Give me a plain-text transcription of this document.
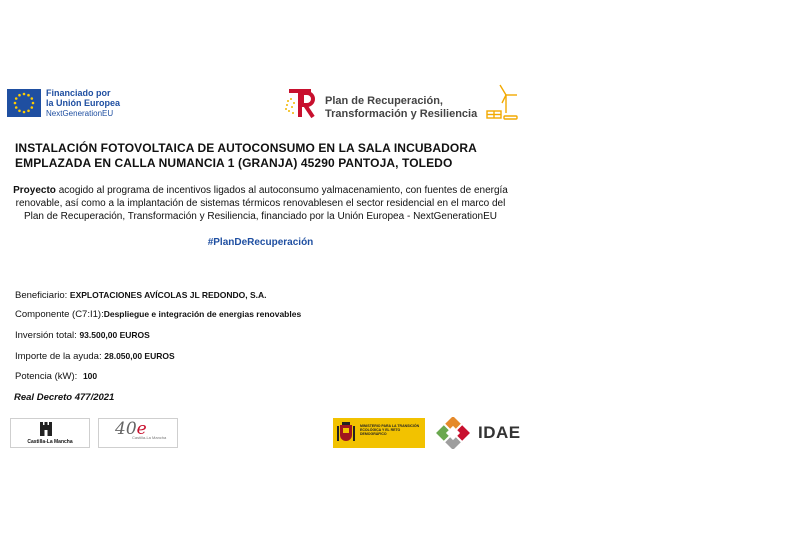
Financiado por
la Unión Europea
NextGenerationEU
Plan de Recuperación,
Transformación y Resiliencia
INSTALACIÓN FOTOVOLTAICA DE AUTOCONSUMO EN LA SALA INCUBADORA
EMPLAZADA EN CALLA NUMANCIA 1 (GRANJA) 45290 PANTOJA, TOLEDO
Proyecto acogido al programa de incentivos ligados al autoconsumo yalmacenamiento, con fuentes de energía
renovable, así como a la implantación de sistemas térmicos renovablesen el sector residencial en el marco del
Plan de Recuperación, Transformación y Resiliencia, financiado por la Unión Europea - NextGenerationEU
#PlanDeRecuperación
Beneficiario: EXPLOTACIONES AVÍCOLAS JL REDONDO, S.A.
Componente (C7:I1):Despliegue e integración de energias renovables
Inversión total: 93.500,00 EUROS
Importe de la ayuda: 28.050,00 EUROS
Potencia (kW): 100
Real Decreto 477/2021
Castilla-La Mancha
40e
Castilla-La Mancha
MINISTERIO PARA LA TRANSICIÓN ECOLÓGICA Y EL RETO DEMOGRÁFICO	IDAE
